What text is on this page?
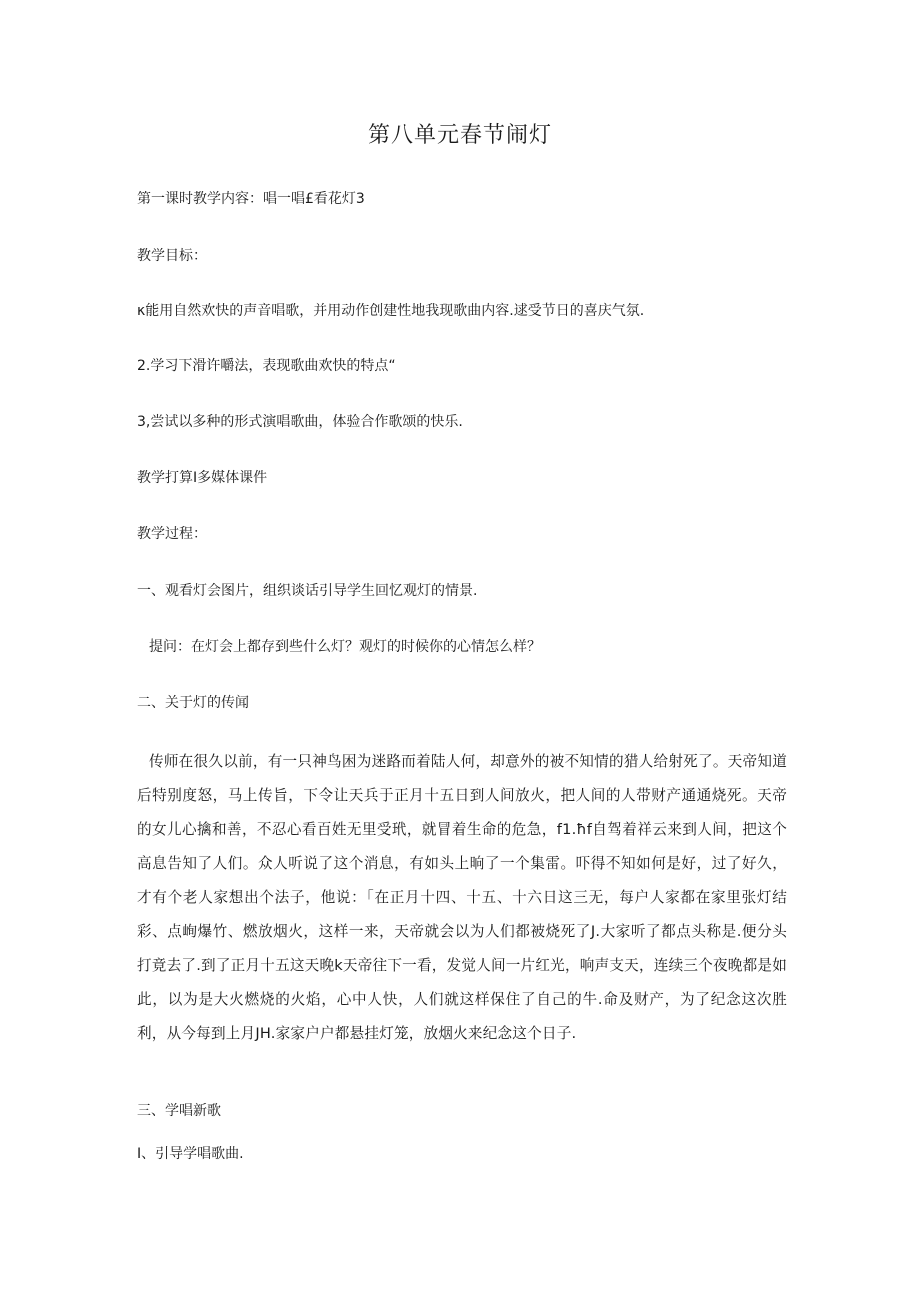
第八单元春节闹灯
第一课时教学内容：唱一唱£看花灯3
教学目标：
κ能用自然欢快的声音唱歌，并用动作创建性地我现歌曲内容.逑受节日的喜庆气氛.
2.学习下滑许嚼法，表现歌曲欢快的特点“
3,尝试以多种的形式演唱歌曲，体验合作歌颂的快乐.
教学打算I多媒体课件
教学过程：
一、观看灯会图片，组织谈话引导学生回忆观灯的情景.
提问：在灯会上都存到些什么灯？观灯的时候你的心情怎么样？
二、关于灯的传闻
传师在很久以前，有一只神鸟困为迷路而着陆人何，却意外的被不知情的猎人给射死了。天帝知道后特别度怒，马上传旨，下令让天兵于正月十五日到人间放火，把人间的人带财产通通烧死。天帝的女儿心擒和善，不忍心看百姓无里受玳，就冒着生命的危急，f1.ħf自驾着祥云来到人间，把这个高息告知了人们。众人听说了这个消息，有如头上晌了一个集雷。吓得不知如何是好，过了好久，才有个老人家想出个法子，他说：「在正月十四、十五、十六日这三无，每户人家都在家里张灯结彩、点峋爆竹、燃放烟火，这样一来，天帝就会以为人们都被烧死了J.大家听了都点头称是.便分头打竟去了.到了正月十五这天晚k天帝往下一看，发觉人间一片红光，响声支天，连续三个夜晚都是如此，以为是大火燃烧的火焰，心中人快，人们就这样保住了自己的牛.命及财产，为了纪念这次胜利，从今每到上月JH.家家户户都悬挂灯笼，放烟火来纪念这个日子.
三、学唱新歌
I、引导学唱歌曲.
